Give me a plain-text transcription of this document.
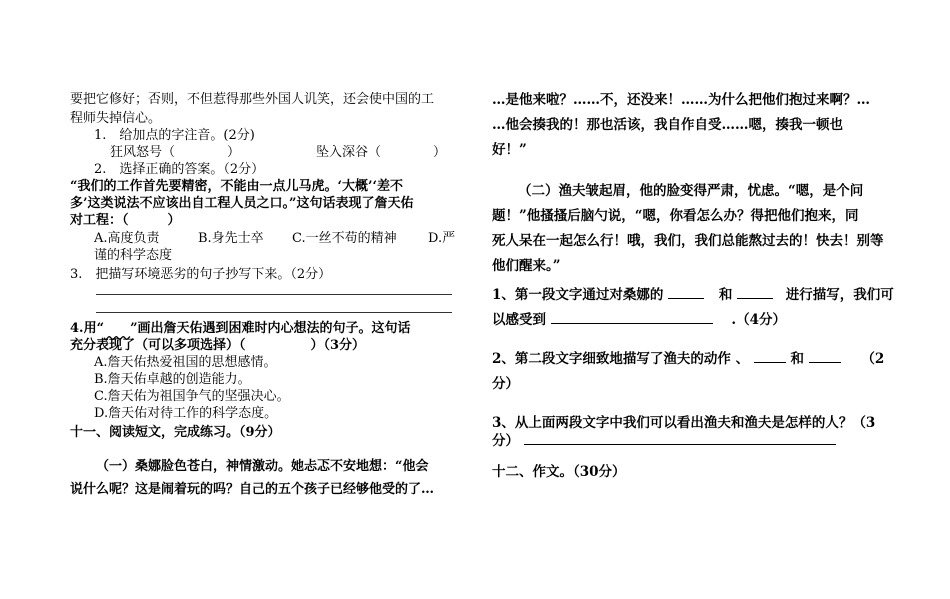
要把它修好；否则，不但惹得那些外国人讥笑，还会使中国的工
程师失掉信心。
1.　给加点的字注音。(2分)
狂风怒号（　　　　）	坠入深谷（　　　　）
2.　选择正确的答案。（2分）
“我们的工作首先要精密，不能由一点儿马虎。‘大概’‘差不
多’这类说法不应该出自工程人员之口。”这句话表现了詹天佑
对工程：（　　　）
A.高度负责	B.身先士卒 C.一丝不苟的精神 D.严
谨的科学态度
3.　把描写环境恶劣的句子抄写下来。（2分）
4.用“　　 ”画出詹天佑遇到困难时内心想法的句子。这句话
充分表现了（可以多项选择）（　　　　　）（3分）
A.詹天佑热爱祖国的思想感情。
B.詹天佑卓越的创造能力。
C.詹天佑为祖国争气的坚强决心。
D.詹天佑对待工作的科学态度。
十一、阅读短文，完成练习。（9分）
（一）桑娜脸色苍白，神情激动。她忐忑不安地想：“他会
说什么呢？这是闹着玩的吗？自己的五个孩子已经够他受的了…
…是他来啦？……不，还没来！……为什么把他们抱过来啊？…
…他会揍我的！那也活该，我自作自受……嗯，揍我一顿也
好！”
（二）渔夫皱起眉，他的脸变得严肃，忧虑。“嗯，是个问
题！”他搔搔后脑勺说，“嗯，你看怎么办？得把他们抱来，同
死人呆在一起怎么行！哦，我们，我们总能熬过去的！快去！别等
他们醒来。”
1、第一段文字通过对桑娜的	和	进行描写，我们可
以感受到	.（4分）
2、第二段文字细致地描写了渔夫的动作 、	和	（2
分）
3、从上面两段文字中我们可以看出渔夫和渔夫是怎样的人？（3
分）
十二、作文。（30分）
